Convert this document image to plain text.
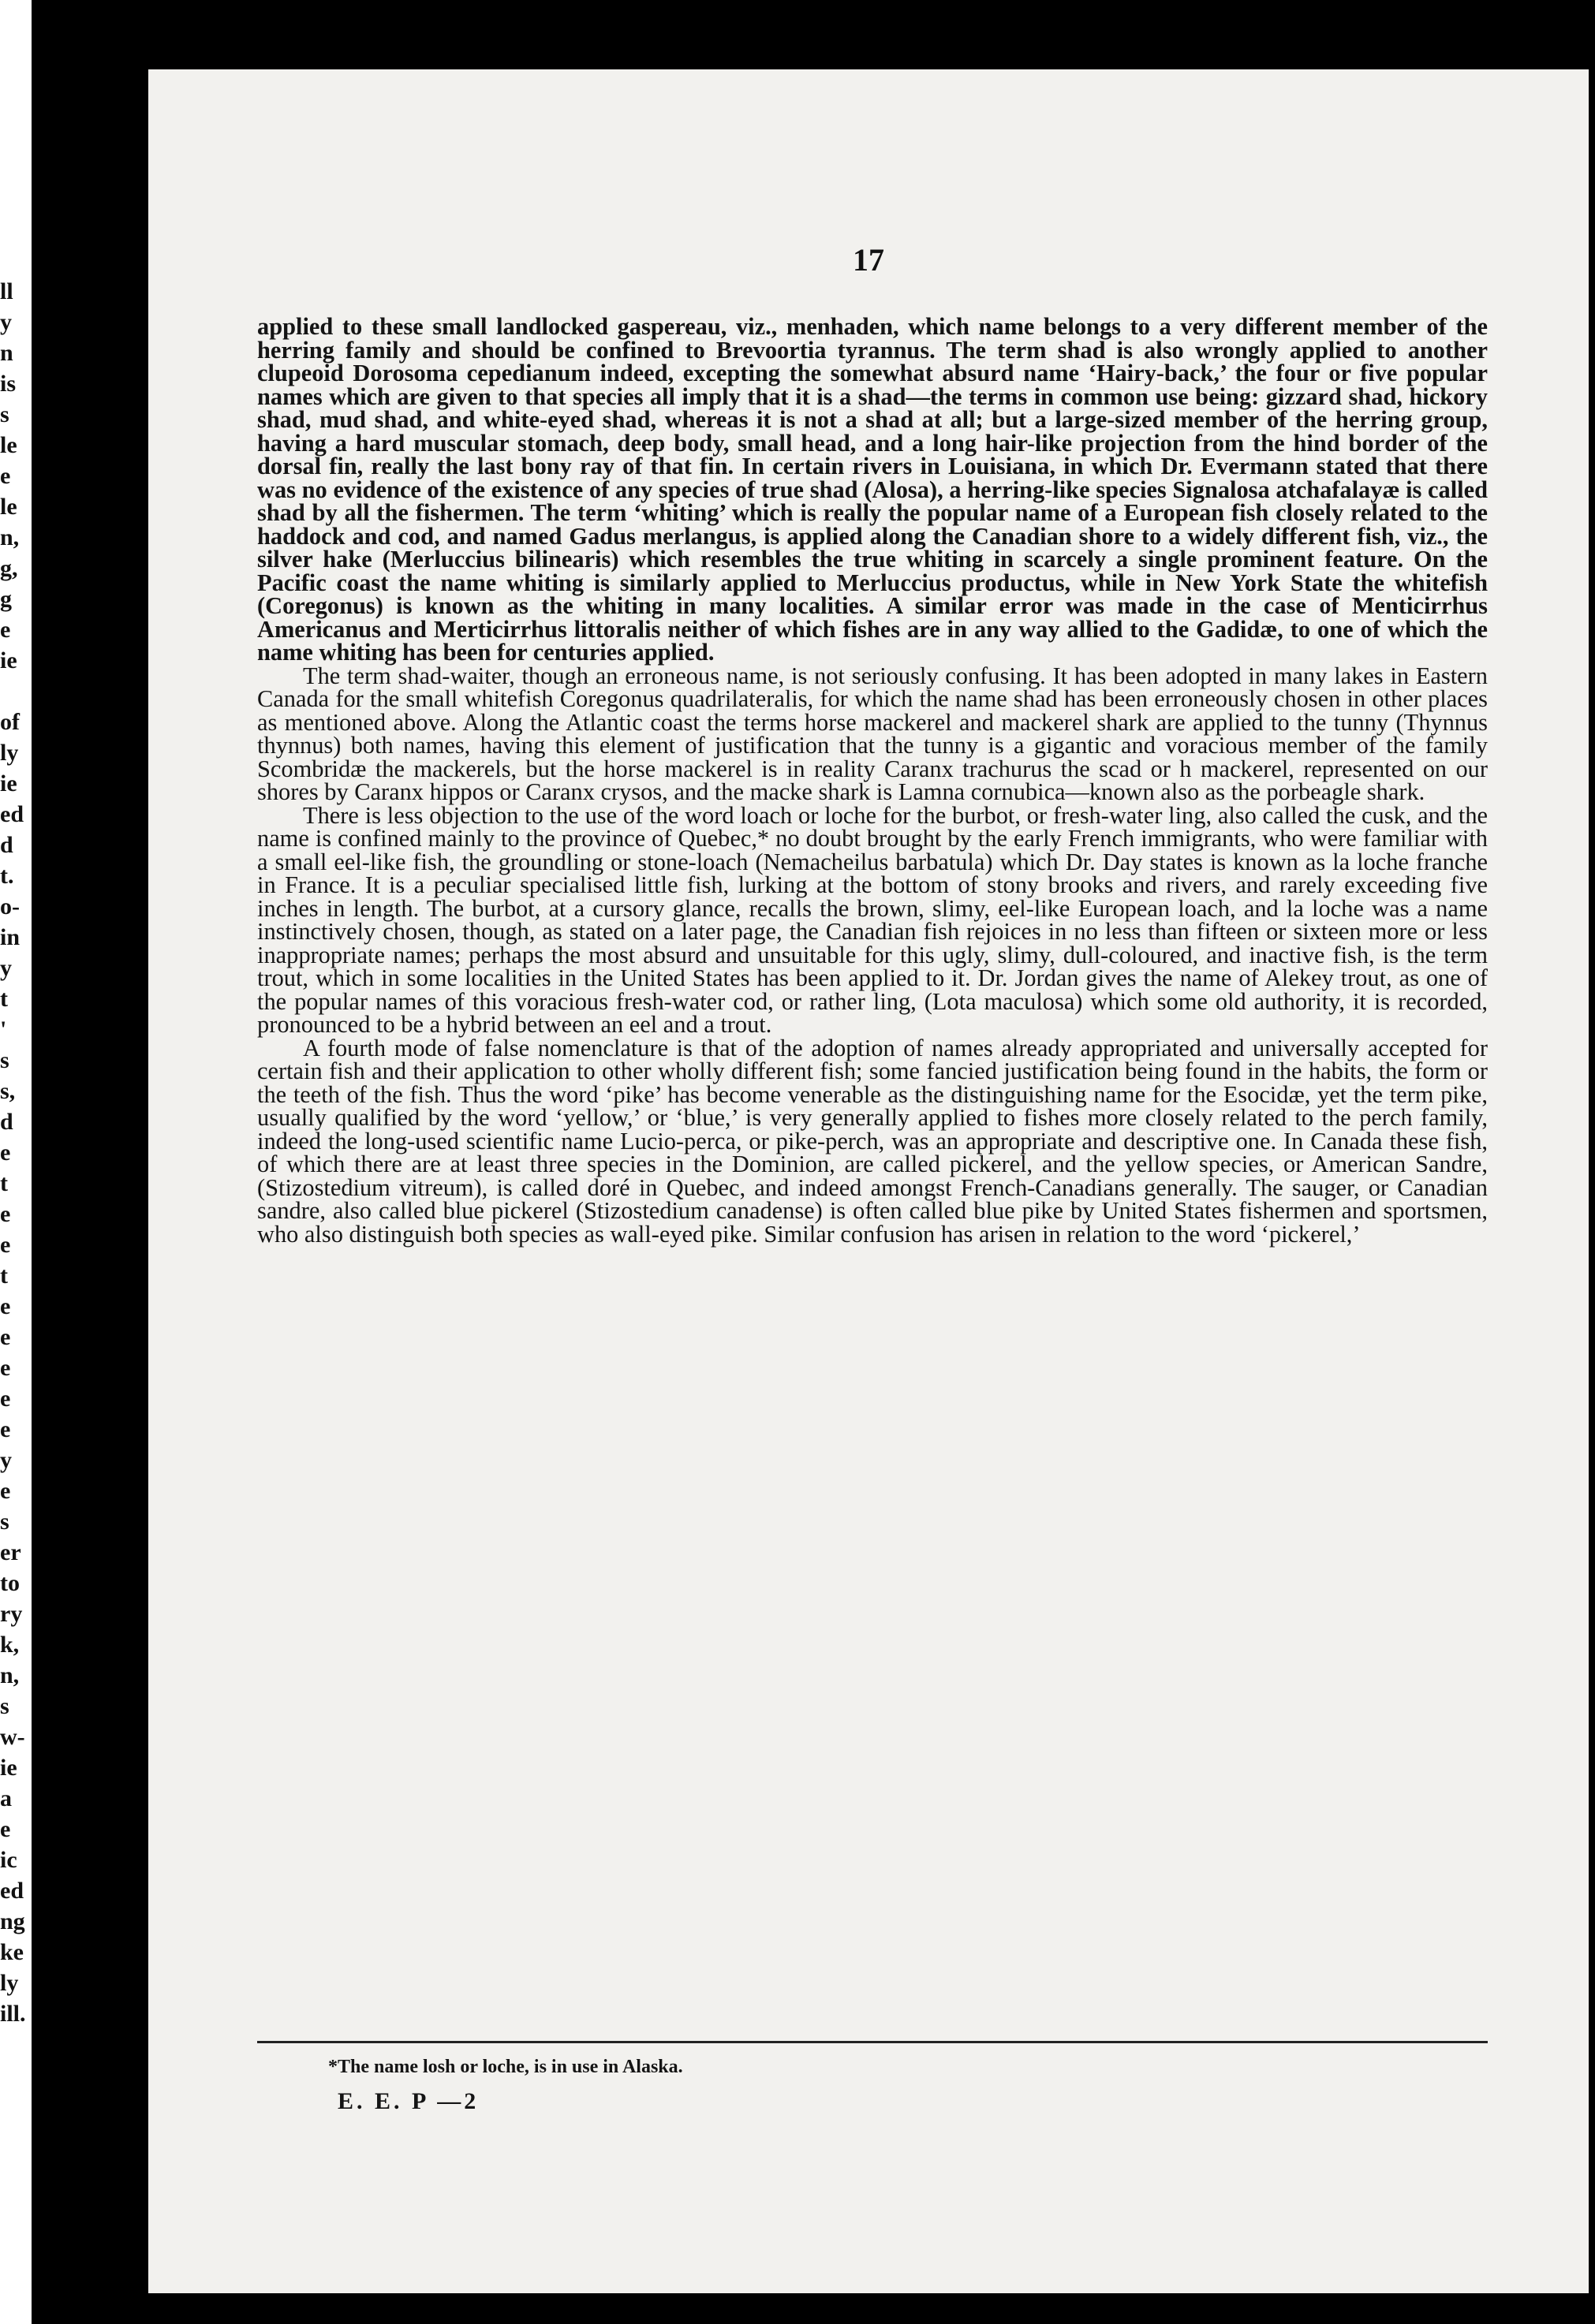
ll
y
n
is
s
le
e
le
n,
g,
g
e
ie
of
ly
ie
ed
d
t.
o-
in
y
t
'
s
s,
d
e
t
e
e
t
e
e
e
e
e
y
e
s
er
to
ry
k,
n,
s
w-
ie
a
e
ic
ed
ng
ke
ly
ill.
17

applied to these small landlocked gaspereau, viz., menhaden, which name belongs to a very different member of the herring family and should be confined to Brevoortia tyrannus. The term shad is also wrongly applied to another clupeoid Dorosoma cepedianum indeed, excepting the somewhat absurd name ‘Hairy-back,’ the four or five popular names which are given to that species all imply that it is a shad—the terms in common use being: gizzard shad, hickory shad, mud shad, and white-eyed shad, whereas it is not a shad at all; but a large-sized member of the herring group, having a hard muscular stomach, deep body, small head, and a long hair-like projection from the hind border of the dorsal fin, really the last bony ray of that fin. In certain rivers in Louisiana, in which Dr. Evermann stated that there was no evidence of the existence of any species of true shad (Alosa), a herring-like species Signalosa atchafalayæ is called shad by all the fishermen. The term ‘whiting’ which is really the popular name of a European fish closely related to the haddock and cod, and named Gadus merlangus, is applied along the Canadian shore to a widely different fish, viz., the silver hake (Merluccius bilinearis) which resembles the true whiting in scarcely a single prominent feature. On the Pacific coast the name whiting is similarly applied to Merluccius productus, while in New York State the whitefish (Coregonus) is known as the whiting in many localities. A similar error was made in the case of Menticirrhus Americanus and Merticirrhus littoralis neither of which fishes are in any way allied to the Gadidæ, to one of which the name whiting has been for centuries applied.

The term shad-waiter, though an erroneous name, is not seriously confusing. It has been adopted in many lakes in Eastern Canada for the small whitefish Coregonus quadrilateralis, for which the name shad has been erroneously chosen in other places as mentioned above. Along the Atlantic coast the terms horse mackerel and mackerel shark are applied to the tunny (Thynnus thynnus) both names, having this element of justification that the tunny is a gigantic and voracious member of the family Scombridæ the mackerels, but the horse mackerel is in reality Caranx trachurus the scad or h mackerel, represented on our shores by Caranx hippos or Caranx crysos, and the macke shark is Lamna cornubica—known also as the porbeagle shark.

There is less objection to the use of the word loach or loche for the burbot, or fresh-water ling, also called the cusk, and the name is confined mainly to the province of Quebec,* no doubt brought by the early French immigrants, who were familiar with a small eel-like fish, the groundling or stone-loach (Nemacheilus barbatula) which Dr. Day states is known as la loche franche in France. It is a peculiar specialised little fish, lurking at the bottom of stony brooks and rivers, and rarely exceeding five inches in length. The burbot, at a cursory glance, recalls the brown, slimy, eel-like European loach, and la loche was a name instinctively chosen, though, as stated on a later page, the Canadian fish rejoices in no less than fifteen or sixteen more or less inappropriate names; perhaps the most absurd and unsuitable for this ugly, slimy, dull-coloured, and inactive fish, is the term trout, which in some localities in the United States has been applied to it. Dr. Jordan gives the name of Alekey trout, as one of the popular names of this voracious fresh-water cod, or rather ling, (Lota maculosa) which some old authority, it is recorded, pronounced to be a hybrid between an eel and a trout.

A fourth mode of false nomenclature is that of the adoption of names already appropriated and universally accepted for certain fish and their application to other wholly different fish; some fancied justification being found in the habits, the form or the teeth of the fish. Thus the word ‘pike’ has become venerable as the distinguishing name for the Esocidæ, yet the term pike, usually qualified by the word ‘yellow,’ or ‘blue,’ is very generally applied to fishes more closely related to the perch family, indeed the long-used scientific name Lucio-perca, or pike-perch, was an appropriate and descriptive one. In Canada these fish, of which there are at least three species in the Dominion, are called pickerel, and the yellow species, or American Sandre, (Stizostedium vitreum), is called doré in Quebec, and indeed amongst French-Canadians generally. The sauger, or Canadian sandre, also called blue pickerel (Stizostedium canadense) is often called blue pike by United States fishermen and sportsmen, who also distinguish both species as wall-eyed pike. Similar confusion has arisen in relation to the word ‘pickerel,’

*The name losh or loche, is in use in Alaska.
E. E. P —2
